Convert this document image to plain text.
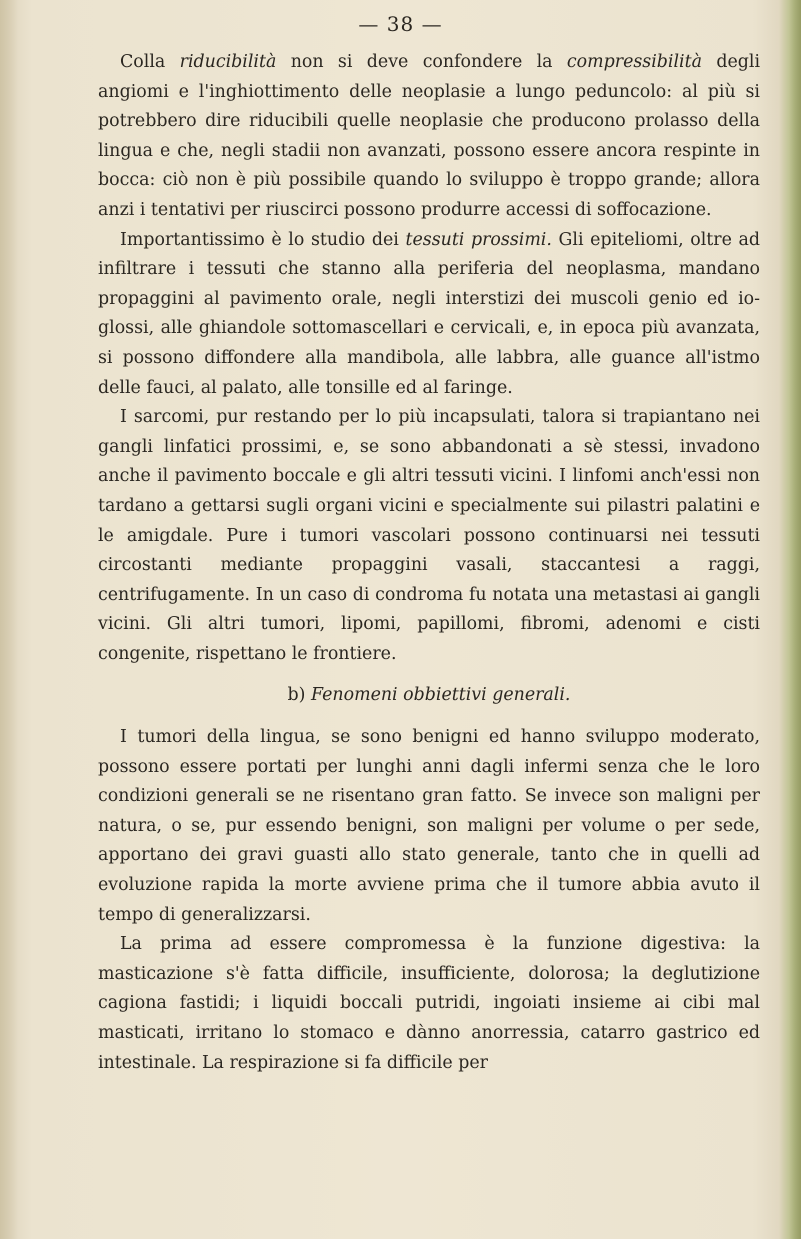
— 38 —

Colla riducibilità non si deve confondere la compressibilità degli angiomi e l'inghiottimento delle neoplasie a lungo peduncolo: al più si potrebbero dire riducibili quelle neoplasie che producono prolasso della lingua e che, negli stadii non avanzati, possono essere ancora respinte in bocca: ciò non è più possibile quando lo sviluppo è troppo grande; allora anzi i tentativi per riuscirci possono produrre accessi di soffocazione.

Importantissimo è lo studio dei tessuti prossimi. Gli epiteliomi, oltre ad infiltrare i tessuti che stanno alla periferia del neoplasma, mandano propaggini al pavimento orale, negli interstizi dei muscoli genio ed io-glossi, alle ghiandole sottomascellari e cervicali, e, in epoca più avanzata, si possono diffondere alla mandibola, alle labbra, alle guance all'istmo delle fauci, al palato, alle tonsille ed al faringe.

I sarcomi, pur restando per lo più incapsulati, talora si trapiantano nei gangli linfatici prossimi, e, se sono abbandonati a sè stessi, invadono anche il pavimento boccale e gli altri tessuti vicini. I linfomi anch'essi non tardano a gettarsi sugli organi vicini e specialmente sui pilastri palatini e le amigdale. Pure i tumori vascolari possono continuarsi nei tessuti circostanti mediante propaggini vasali, staccantesi a raggi, centrifugamente. In un caso di condroma fu notata una metastasi ai gangli vicini. Gli altri tumori, lipomi, papillomi, fibromi, adenomi e cisti congenite, rispettano le frontiere.

b) Fenomeni obbiettivi generali.

I tumori della lingua, se sono benigni ed hanno sviluppo moderato, possono essere portati per lunghi anni dagli infermi senza che le loro condizioni generali se ne risentano gran fatto. Se invece son maligni per natura, o se, pur essendo benigni, son maligni per volume o per sede, apportano dei gravi guasti allo stato generale, tanto che in quelli ad evoluzione rapida la morte avviene prima che il tumore abbia avuto il tempo di generalizzarsi.

La prima ad essere compromessa è la funzione digestiva: la masticazione s'è fatta difficile, insufficiente, dolorosa; la deglutizione cagiona fastidi; i liquidi boccali putridi, ingoiati insieme ai cibi mal masticati, irritano lo stomaco e dànno anorressia, catarro gastrico ed intestinale. La respirazione si fa difficile per
